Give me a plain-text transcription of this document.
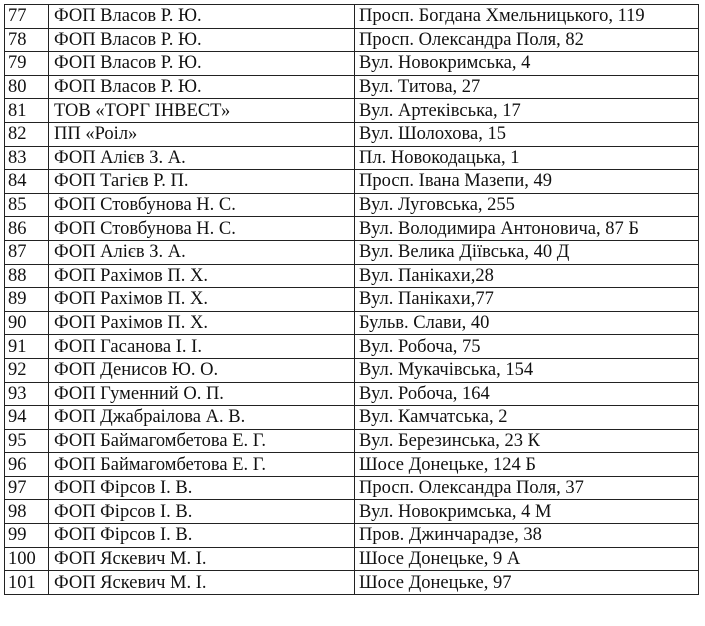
77	ФОП Власов Р. Ю.	Просп. Богдана Хмельницького, 119
78	ФОП Власов Р. Ю.	Просп. Олександра Поля, 82
79	ФОП Власов Р. Ю.	Вул. Новокримська, 4
80	ФОП Власов Р. Ю.	Вул. Титова, 27
81	ТОВ «ТОРГ ІНВЕСТ»	Вул. Артеківська, 17
82	ПП «Роіл»	Вул. Шолохова, 15
83	ФОП Алієв З. А.	Пл. Новокодацька, 1
84	ФОП Тагієв Р. П.	Просп. Івана Мазепи, 49
85	ФОП Стовбунова Н. С.	Вул. Луговська, 255
86	ФОП Стовбунова Н. С.	Вул. Володимира Антоновича, 87 Б
87	ФОП Алієв З. А.	Вул. Велика Діївська, 40 Д
88	ФОП Рахімов П. Х.	Вул. Панікахи,28
89	ФОП Рахімов П. Х.	Вул. Панікахи,77
90	ФОП Рахімов П. Х.	Бульв. Слави, 40
91	ФОП Гасанова І. І.	Вул. Робоча, 75
92	ФОП Денисов Ю. О.	Вул. Мукачівська, 154
93	ФОП Гуменний О. П.	Вул. Робоча, 164
94	ФОП Джабраілова А. В.	Вул. Камчатська, 2
95	ФОП Баймагомбетова Е. Г.	Вул. Березинська, 23 К
96	ФОП Баймагомбетова Е. Г.	Шосе Донецьке, 124 Б
97	ФОП Фірсов І. В.	Просп. Олександра Поля, 37
98	ФОП Фірсов І. В.	Вул. Новокримська, 4 М
99	ФОП Фірсов І. В.	Пров. Джинчарадзе, 38
100	ФОП Яскевич М. І.	Шосе Донецьке, 9 А
101	ФОП Яскевич М. І.	Шосе Донецьке, 97
